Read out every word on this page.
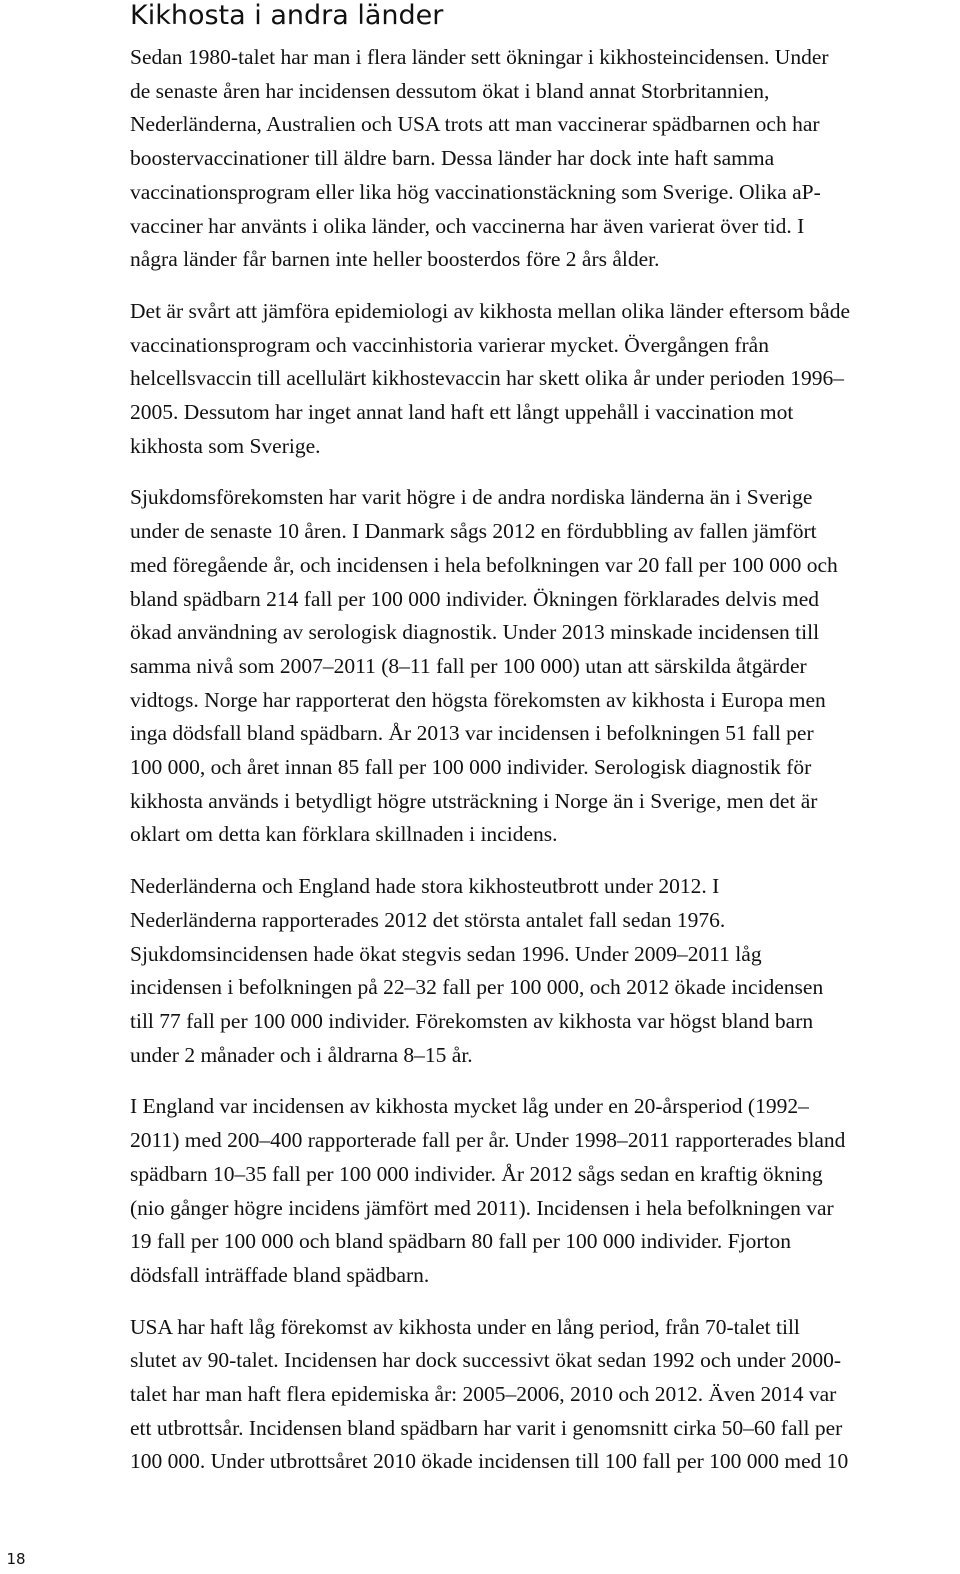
Kikhosta i andra länder

Sedan 1980-talet har man i flera länder sett ökningar i kikhosteincidensen. Under
de senaste åren har incidensen dessutom ökat i bland annat Storbritannien,
Nederländerna, Australien och USA trots att man vaccinerar spädbarnen och har
boostervaccinationer till äldre barn. Dessa länder har dock inte haft samma
vaccinationsprogram eller lika hög vaccinationstäckning som Sverige. Olika aP-
vacciner har använts i olika länder, och vaccinerna har även varierat över tid. I
några länder får barnen inte heller boosterdos före 2 års ålder.

Det är svårt att jämföra epidemiologi av kikhosta mellan olika länder eftersom både
vaccinationsprogram och vaccinhistoria varierar mycket. Övergången från
helcellsvaccin till acellulärt kikhostevaccin har skett olika år under perioden 1996–
2005. Dessutom har inget annat land haft ett långt uppehåll i vaccination mot
kikhosta som Sverige.

Sjukdomsförekomsten har varit högre i de andra nordiska länderna än i Sverige
under de senaste 10 åren. I Danmark sågs 2012 en fördubbling av fallen jämfört
med föregående år, och incidensen i hela befolkningen var 20 fall per 100 000 och
bland spädbarn 214 fall per 100 000 individer. Ökningen förklarades delvis med
ökad användning av serologisk diagnostik. Under 2013 minskade incidensen till
samma nivå som 2007–2011 (8–11 fall per 100 000) utan att särskilda åtgärder
vidtogs. Norge har rapporterat den högsta förekomsten av kikhosta i Europa men
inga dödsfall bland spädbarn. År 2013 var incidensen i befolkningen 51 fall per
100 000, och året innan 85 fall per 100 000 individer. Serologisk diagnostik för
kikhosta används i betydligt högre utsträckning i Norge än i Sverige, men det är
oklart om detta kan förklara skillnaden i incidens.

Nederländerna och England hade stora kikhosteutbrott under 2012. I
Nederländerna rapporterades 2012 det största antalet fall sedan 1976.
Sjukdomsincidensen hade ökat stegvis sedan 1996. Under 2009–2011 låg
incidensen i befolkningen på 22–32 fall per 100 000, och 2012 ökade incidensen
till 77 fall per 100 000 individer. Förekomsten av kikhosta var högst bland barn
under 2 månader och i åldrarna 8–15 år.

I England var incidensen av kikhosta mycket låg under en 20-årsperiod (1992–
2011) med 200–400 rapporterade fall per år. Under 1998–2011 rapporterades bland
spädbarn 10–35 fall per 100 000 individer. År 2012 sågs sedan en kraftig ökning
(nio gånger högre incidens jämfört med 2011). Incidensen i hela befolkningen var
19 fall per 100 000 och bland spädbarn 80 fall per 100 000 individer. Fjorton
dödsfall inträffade bland spädbarn.

USA har haft låg förekomst av kikhosta under en lång period, från 70-talet till
slutet av 90-talet. Incidensen har dock successivt ökat sedan 1992 och under 2000-
talet har man haft flera epidemiska år: 2005–2006, 2010 och 2012. Även 2014 var
ett utbrottsår. Incidensen bland spädbarn har varit i genomsnitt cirka 50–60 fall per
100 000. Under utbrottsåret 2010 ökade incidensen till 100 fall per 100 000 med 10

18
